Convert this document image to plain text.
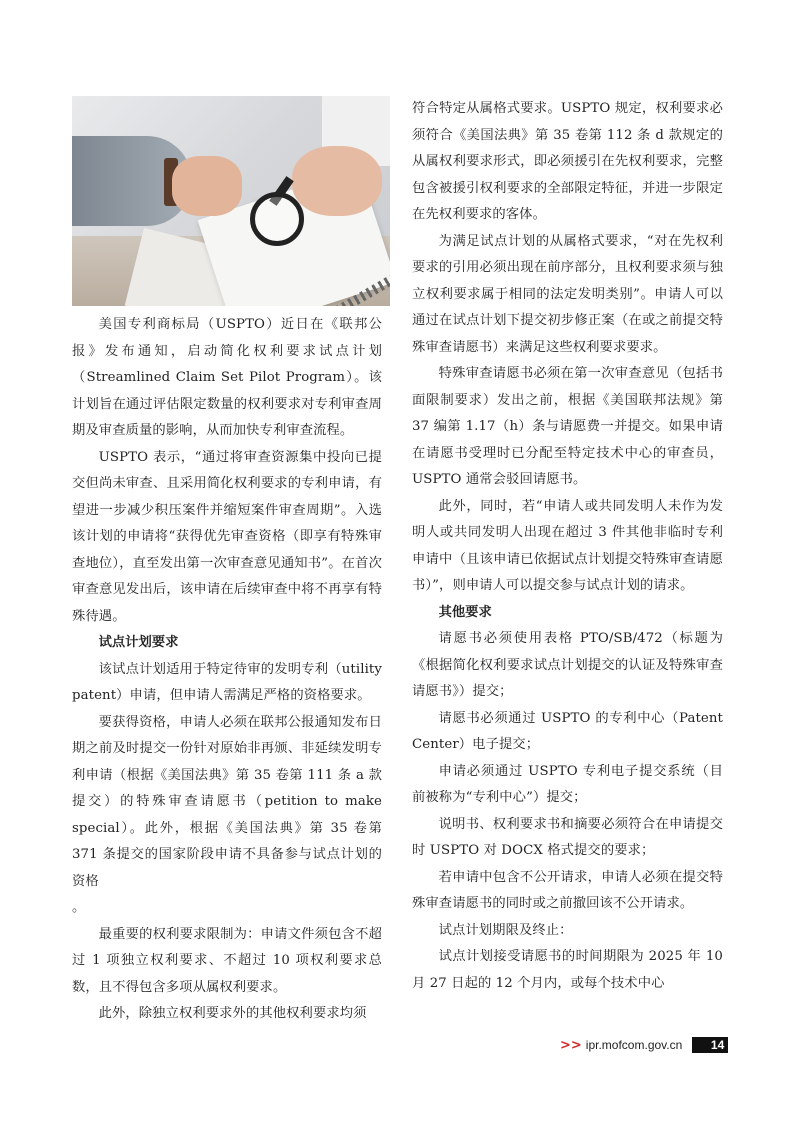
美国专利商标局（USPTO）近日在《联邦公报》发布通知，启动简化权利要求试点计划（Streamlined Claim Set Pilot Program）。该计划旨在通过评估限定数量的权利要求对专利审查周期及审查质量的影响，从而加快专利审查流程。

USPTO 表示，“通过将审查资源集中投向已提交但尚未审查、且采用简化权利要求的专利申请，有望进一步减少积压案件并缩短案件审查周期”。入选该计划的申请将“获得优先审查资格（即享有特殊审查地位），直至发出第一次审查意见通知书”。在首次审查意见发出后，该申请在后续审查中将不再享有特殊待遇。

试点计划要求

该试点计划适用于特定待审的发明专利（utility patent）申请，但申请人需满足严格的资格要求。

要获得资格，申请人必须在联邦公报通知发布日期之前及时提交一份针对原始非再颁、非延续发明专利申请（根据《美国法典》第 35 卷第 111 条 a 款提交）的特殊审查请愿书（petition to make special）。此外，根据《美国法典》第 35 卷第 371 条提交的国家阶段申请不具备参与试点计划的资格

。

最重要的权利要求限制为：申请文件须包含不超过 1 项独立权利要求、不超过 10 项权利要求总数，且不得包含多项从属权利要求。

此外，除独立权利要求外的其他权利要求均须

符合特定从属格式要求。USPTO 规定，权利要求必须符合《美国法典》第 35 卷第 112 条 d 款规定的从属权利要求形式，即必须援引在先权利要求，完整包含被援引权利要求的全部限定特征，并进一步限定在先权利要求的客体。

为满足试点计划的从属格式要求，“对在先权利要求的引用必须出现在前序部分，且权利要求须与独立权利要求属于相同的法定发明类别”。申请人可以通过在试点计划下提交初步修正案（在或之前提交特殊审查请愿书）来满足这些权利要求要求。

特殊审查请愿书必须在第一次审查意见（包括书面限制要求）发出之前，根据《美国联邦法规》第 37 编第 1.17（h）条与请愿费一并提交。如果申请在请愿书受理时已分配至特定技术中心的审查员，USPTO 通常会驳回请愿书。

此外，同时，若“申请人或共同发明人未作为发明人或共同发明人出现在超过 3 件其他非临时专利申请中（且该申请已依据试点计划提交特殊审查请愿书）”，则申请人可以提交参与试点计划的请求。

其他要求

请愿书必须使用表格 PTO/SB/472（标题为《根据简化权利要求试点计划提交的认证及特殊审查请愿书》）提交；

请愿书必须通过 USPTO 的专利中心（Patent Center）电子提交；

申请必须通过 USPTO 专利电子提交系统（目前被称为“专利中心”）提交；

说明书、权利要求书和摘要必须符合在申请提交时 USPTO 对 DOCX 格式提交的要求；

若申请中包含不公开请求，申请人必须在提交特殊审查请愿书的同时或之前撤回该不公开请求。

试点计划期限及终止：

试点计划接受请愿书的时间期限为 2025 年 10 月 27 日起的 12 个月内，或每个技术中心

>> ipr.mofcom.gov.cn	14
